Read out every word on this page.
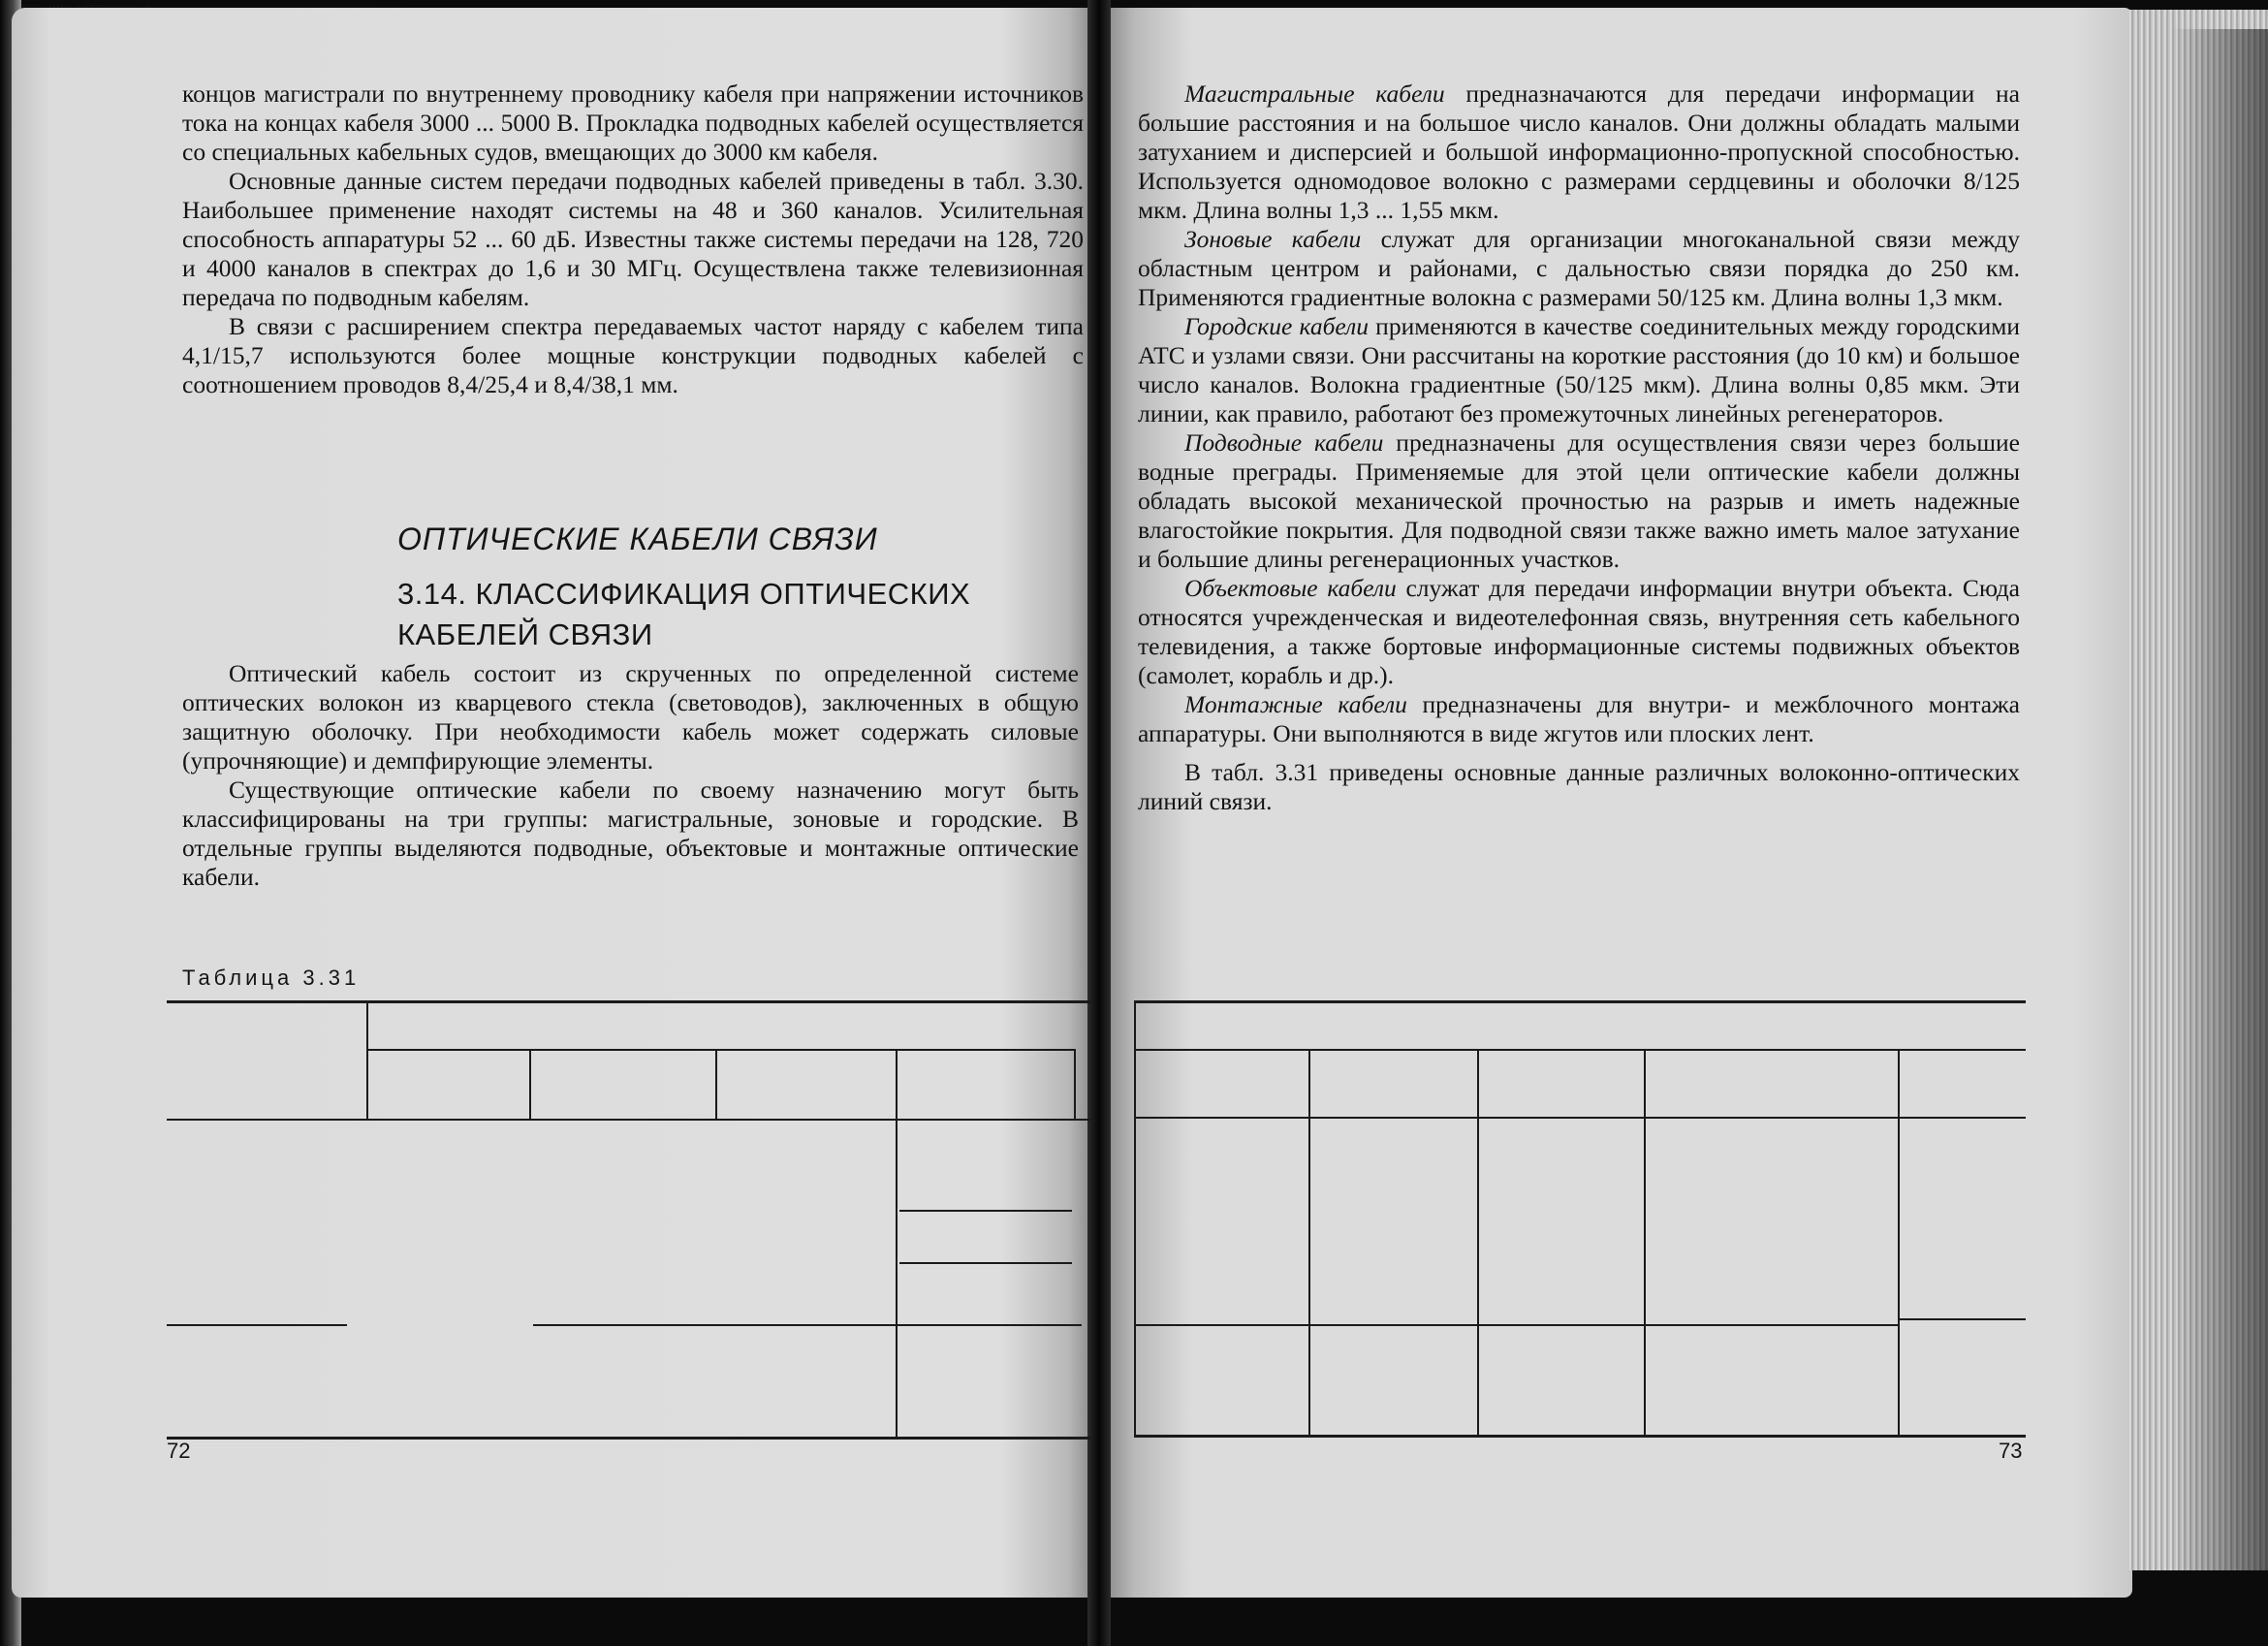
концов магистрали по внутреннему проводнику кабеля при напряжении источников тока на концах кабеля 3000 ... 5000 В. Прокладка подводных кабелей осуществляется со специальных кабельных судов, вмещающих до 3000 км кабеля.

Основные данные систем передачи подводных кабелей приведены в табл. 3.30. Наибольшее применение находят системы на 48 и 360 каналов. Усилительная способность аппаратуры 52 ... 60 дБ. Известны также системы передачи на 128, 720 и 4000 каналов в спектрах до 1,6 и 30 МГц. Осуществлена также телевизионная передача по подводным кабелям.

В связи с расширением спектра передаваемых частот наряду с кабелем типа 4,1/15,7 используются более мощные конструкции подводных кабелей с соотношением проводов 8,4/25,4 и 8,4/38,1 мм.

ОПТИЧЕСКИЕ КАБЕЛИ СВЯЗИ
3.14. КЛАССИФИКАЦИЯ ОПТИЧЕСКИХ
КАБЕЛЕЙ СВЯЗИ

Оптический кабель состоит из скрученных по определенной системе оптических волокон из кварцевого стекла (световодов), заключенных в общую защитную оболочку. При необходимости кабель может содержать силовые (упрочняющие) и демпфирующие элементы.

Существующие оптические кабели по своему назначению могут быть классифицированы на три группы: магистральные, зоновые и городские. В отдельные группы выделяются подводные, объектовые и монтажные оптические кабели.

Таблица 3.31
72

Магистральные кабели предназначаются для передачи информации на большие расстояния и на большое число каналов. Они должны обладать малыми затуханием и дисперсией и большой информационно-пропускной способностью. Используется одномодовое волокно с размерами сердцевины и оболочки 8/125 мкм. Длина волны 1,3 ... 1,55 мкм.

Зоновые кабели служат для организации многоканальной связи между областным центром и районами, с дальностью связи порядка до 250 км. Применяются градиентные волокна с размерами 50/125 км. Длина волны 1,3 мкм.

Городские кабели применяются в качестве соединительных между городскими АТС и узлами связи. Они рассчитаны на короткие расстояния (до 10 км) и большое число каналов. Волокна градиентные (50/125 мкм). Длина волны 0,85 мкм. Эти линии, как правило, работают без промежуточных линейных регенераторов.

Подводные кабели предназначены для осуществления связи через большие водные преграды. Применяемые для этой цели оптические кабели должны обладать высокой механической прочностью на разрыв и иметь надежные влагостойкие покрытия. Для подводной связи также важно иметь малое затухание и большие длины регенерационных участков.

Объектовые кабели служат для передачи информации внутри объекта. Сюда относятся учрежденческая и видеотелефонная связь, внутренняя сеть кабельного телевидения, а также бортовые информационные системы подвижных объектов (самолет, корабль и др.).

Монтажные кабели предназначены для внутри- и межблочного монтажа аппаратуры. Они выполняются в виде жгутов или плоских лент.

В табл. 3.31 приведены основные данные различных волоконно-оптических линий связи.

73
